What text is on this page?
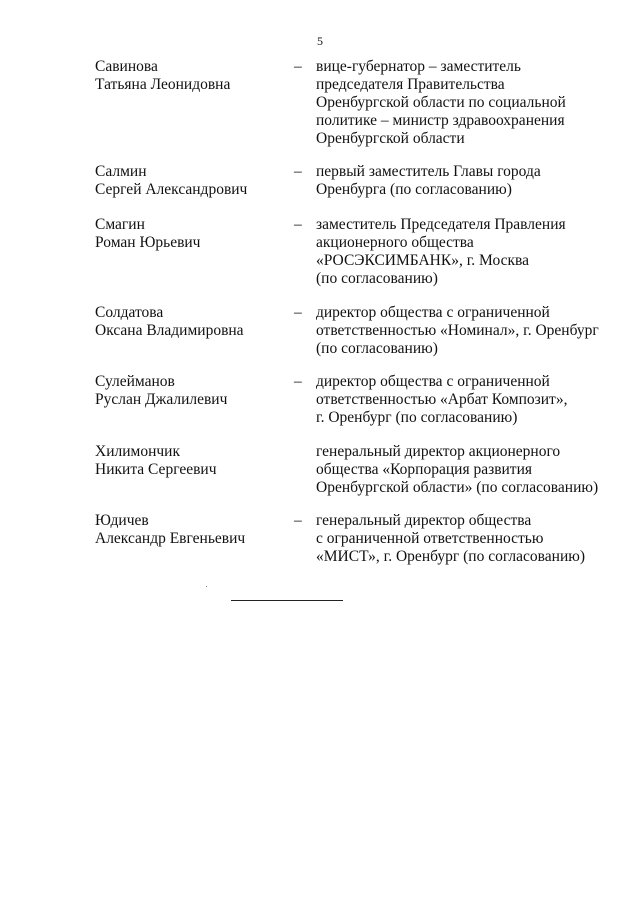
5
Савинова
Татьяна Леонидовна
– вице-губернатор – заместитель
председателя Правительства
Оренбургской области по социальной
политике – министр здравоохранения
Оренбургской области
Салмин
Сергей Александрович
– первый заместитель Главы города
Оренбурга (по согласованию)
Смагин
Роман Юрьевич
– заместитель Председателя Правления
акционерного общества
«РОСЭКСИМБАНК», г. Москва
(по согласованию)
Солдатова
Оксана Владимировна
– директор общества с ограниченной
ответственностью «Номинал», г. Оренбург
(по согласованию)
Сулейманов
Руслан Джалилевич
– директор общества с ограниченной
ответственностью «Арбат Композит»,
г. Оренбург (по согласованию)
Хилимончик
Никита Сергеевич
генеральный директор акционерного
общества «Корпорация развития
Оренбургской области» (по согласованию)
Юдичев
Александр Евгеньевич
– генеральный директор общества
с ограниченной ответственностью
«МИСТ», г. Оренбург (по согласованию)
